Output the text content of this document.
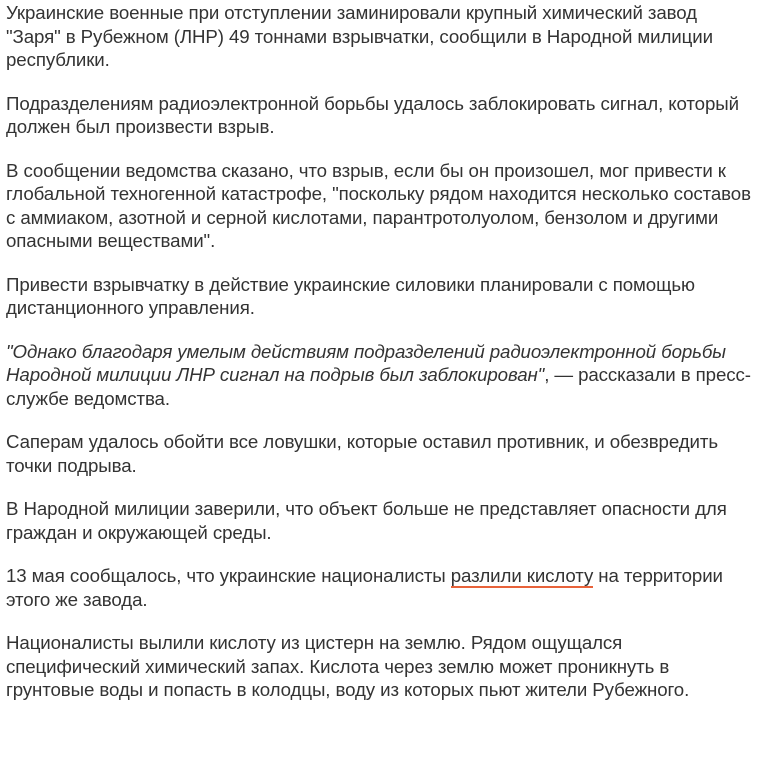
Украинские военные при отступлении заминировали крупный химический завод "Заря" в Рубежном (ЛНР) 49 тоннами взрывчатки, сообщили в Народной милиции республики.

Подразделениям радиоэлектронной борьбы удалось заблокировать сигнал, который должен был произвести взрыв.

В сообщении ведомства сказано, что взрыв, если бы он произошел, мог привести к глобальной техногенной катастрофе, "поскольку рядом находится несколько составов с аммиаком, азотной и серной кислотами, парантротолуолом, бензолом и другими опасными веществами".

Привести взрывчатку в действие украинские силовики планировали с помощью дистанционного управления.

"Однако благодаря умелым действиям подразделений радиоэлектронной борьбы Народной милиции ЛНР сигнал на подрыв был заблокирован", — рассказали в пресс-службе ведомства.

Саперам удалось обойти все ловушки, которые оставил противник, и обезвредить точки подрыва.

В Народной милиции заверили, что объект больше не представляет опасности для граждан и окружающей среды.

13 мая сообщалось, что украинские националисты разлили кислоту на территории этого же завода.

Националисты вылили кислоту из цистерн на землю. Рядом ощущался специфический химический запах. Кислота через землю может проникнуть в грунтовые воды и попасть в колодцы, воду из которых пьют жители Рубежного.
